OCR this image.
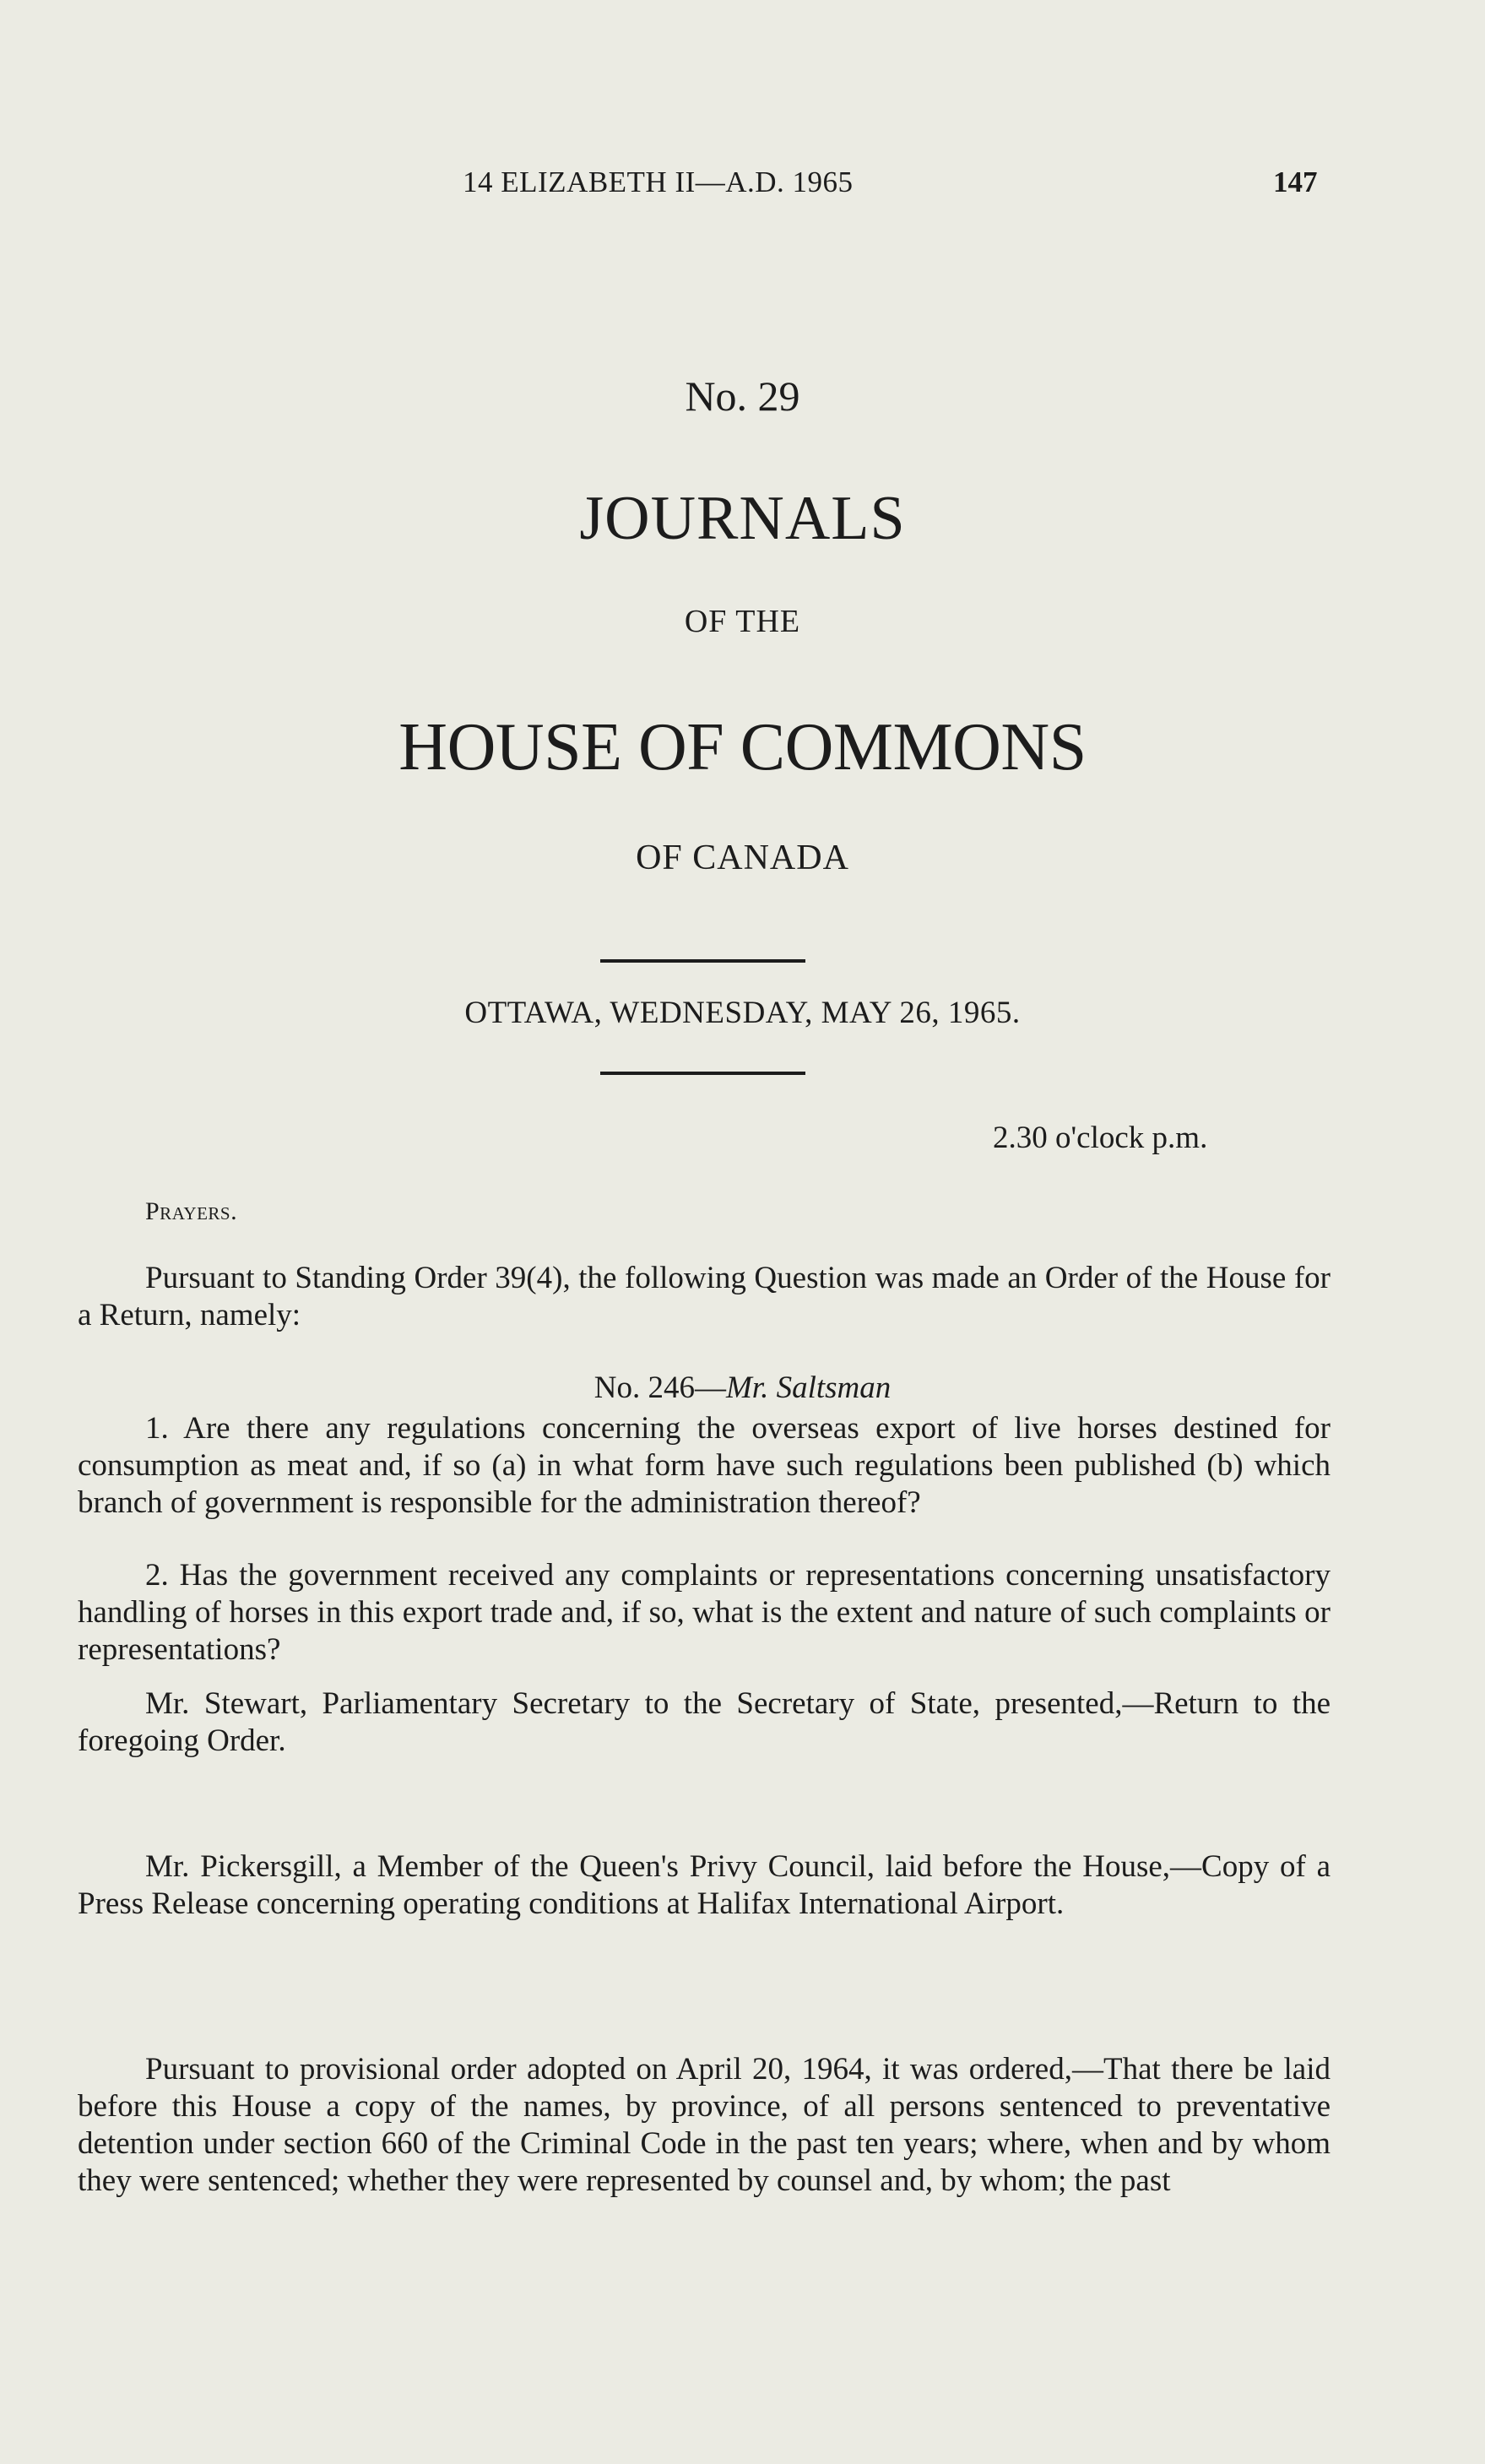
14 ELIZABETH II—A.D. 1965	147
No. 29
JOURNALS
OF THE
HOUSE OF COMMONS
OF CANADA
OTTAWA, WEDNESDAY, MAY 26, 1965.
2.30 o'clock p.m.
Prayers.
Pursuant to Standing Order 39(4), the following Question was made an Order of the House for a Return, namely:
No. 246—Mr. Saltsman
1. Are there any regulations concerning the overseas export of live horses destined for consumption as meat and, if so (a) in what form have such regulations been published (b) which branch of government is responsible for the administration thereof?
2. Has the government received any complaints or representations concerning unsatisfactory handling of horses in this export trade and, if so, what is the extent and nature of such complaints or representations?
Mr. Stewart, Parliamentary Secretary to the Secretary of State, presented,—Return to the foregoing Order.
Mr. Pickersgill, a Member of the Queen's Privy Council, laid before the House,—Copy of a Press Release concerning operating conditions at Halifax International Airport.
Pursuant to provisional order adopted on April 20, 1964, it was ordered,—That there be laid before this House a copy of the names, by province, of all persons sentenced to preventative detention under section 660 of the Criminal Code in the past ten years; where, when and by whom they were sentenced; whether they were represented by counsel and, by whom; the past
